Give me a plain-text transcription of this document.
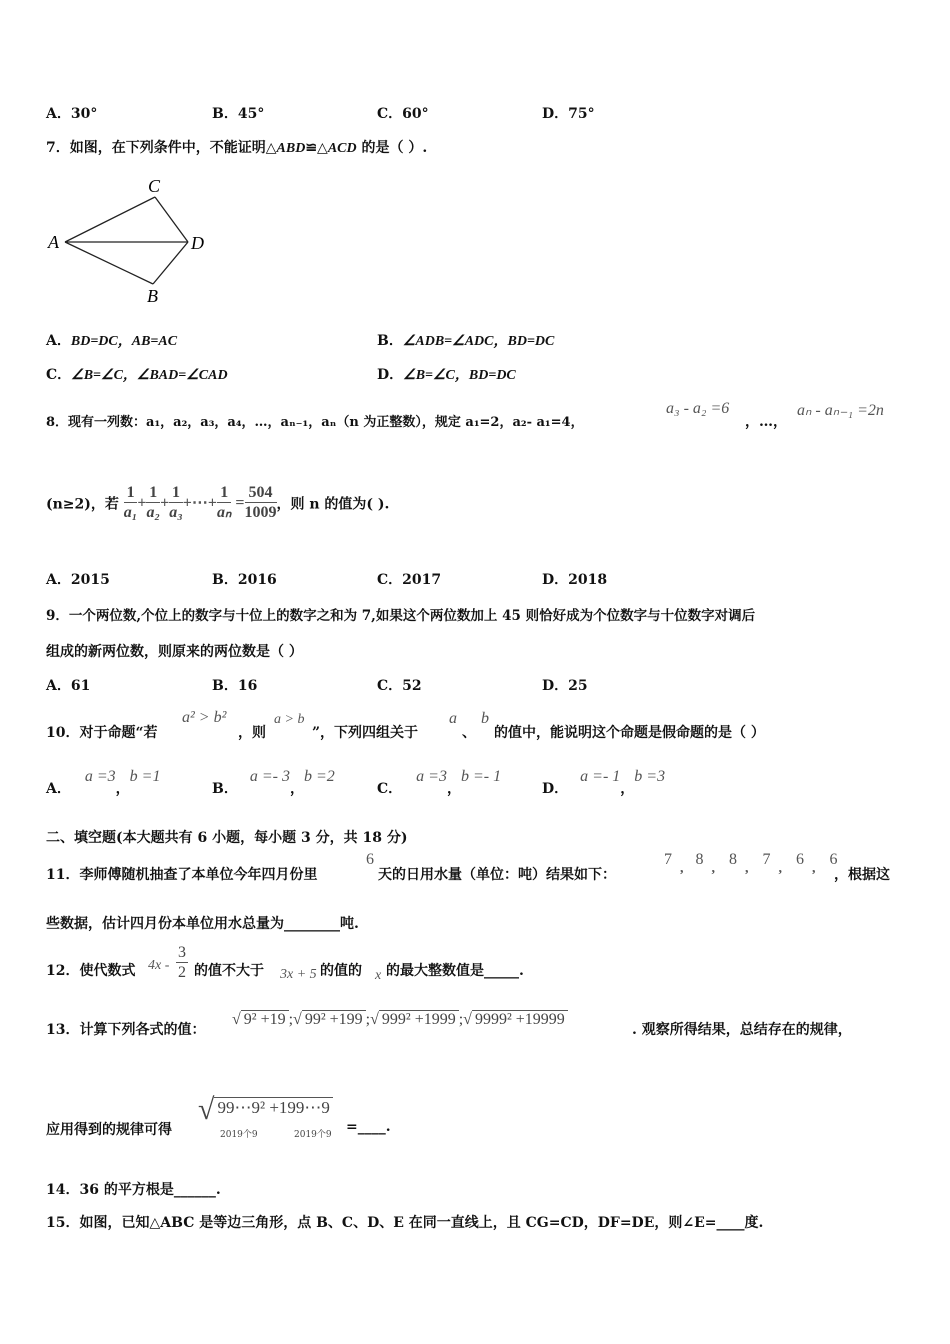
A．30°	B．45°	C．60°	D．75°
7．如图，在下列条件中，不能证明△ABD≌△ACD 的是（ ）.
C
A	D
B
A．BD=DC，AB=AC	B．∠ADB=∠ADC，BD=DC
C．∠B=∠C，∠BAD=∠CAD	D．∠B=∠C，BD=DC
8．现有一列数：a₁，a₂，a₃，a₄，…，aₙ₋₁，aₙ（n 为正整数），规定 a₁=2，a₂- a₁=4，
a₃ - a₂ =6
，…，
aₙ - aₙ₋₁ =2n
(n≥2)，若 $\frac{1}{\text{a₁}} + \frac{1}{\text{a₂}} + \frac{1}{\text{a₃}}$ +⋯+ $\frac{1}{\text{aₙ}} = \frac{504}{1009}$ ，则 n 的值为( ).
A．2015	B．2016	C．2017	D．2018
9．一个两位数,个位上的数字与十位上的数字之和为 7,如果这个两位数加上 45 则恰好成为个位数字与十位数字对调后
组成的新两位数，则原来的两位数是（ ）
A．61	B．16	C．52	D．25
10．对于命题“若
a² > b²
，则
a > b
”，下列四组关于
a
、
b
的值中，能说明这个命题是假命题的是（ ）
A．a =3，b =1
B．a =- 3，b =2
C．a =3，b =- 1
D．a =- 1，b =3
二、填空题(本大题共有 6 小题，每小题 3 分，共 18 分)
11．李师傅随机抽查了本单位今年四月份里
6
天的日用水量（单位：吨）结果如下：
7,8,8,7,6,6
，根据这
些数据，估计四月份本单位用水总量为________吨.
12．使代数式 $4x - \frac{3}{2}$ 的值不大于 3x + 5 的值的 x 的最大整数值是_____.
13．计算下列各式的值：
√ 9² +19 ;√ 99² +199 ;√ 999² +1999 ;√ 9999² +19999
. 观察所得结果，总结存在的规律，
应用得到的规律可得
√ 99⋯9² +199⋯9
2019个9	2019个9 =____.
14．36 的平方根是______.
15．如图，已知△ABC 是等边三角形，点 B、C、D、E 在同一直线上，且 CG=CD，DF=DE，则∠E=____度.
